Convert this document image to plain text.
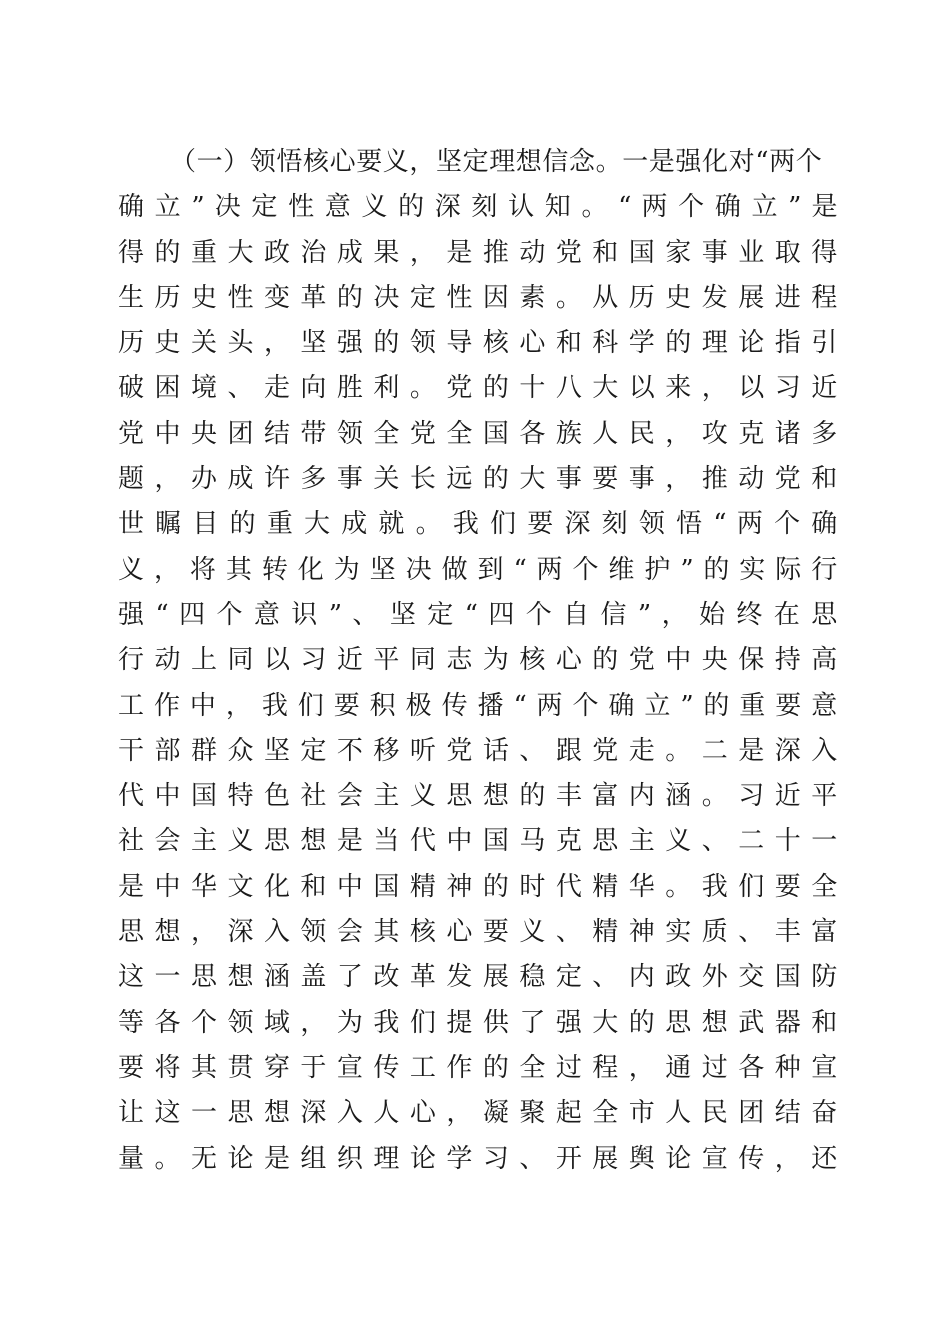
（一）领悟核心要义，坚定理想信念。一是强化对“两个
确 立 ” 决 定 性 意 义 的 深 刻 认 知 。 “ 两 个 确 立 ” 是
得 的 重 大 政 治 成 果 ， 是 推 动 党 和 国 家 事 业 取 得
生 历 史 性 变 革 的 决 定 性 因 素 。 从 历 史 发 展 进 程
历 史 关 头 ， 坚 强 的 领 导 核 心 和 科 学 的 理 论 指 引
破 困 境 、 走 向 胜 利 。 党 的 十 八 大 以 来 ， 以 习 近
党 中 央 团 结 带 领 全 党 全 国 各 族 人 民 ， 攻 克 诸 多
题 ， 办 成 许 多 事 关 长 远 的 大 事 要 事 ， 推 动 党 和
世 瞩 目 的 重 大 成 就 。 我 们 要 深 刻 领 悟 “ 两 个 确
义 ， 将 其 转 化 为 坚 决 做 到 “ 两 个 维 护 ” 的 实 际 行
强 “ 四 个 意 识 ” 、 坚 定 “ 四 个 自 信 ” ， 始 终 在 思
行 动 上 同 以 习 近 平 同 志 为 核 心 的 党 中 央 保 持 高
工 作 中 ， 我 们 要 积 极 传 播 “ 两 个 确 立 ” 的 重 要 意
干 部 群 众 坚 定 不 移 听 党 话 、 跟 党 走 。 二 是 深 入
代 中 国 特 色 社 会 主 义 思 想 的 丰 富 内 涵 。 习 近 平
社 会 主 义 思 想 是 当 代 中 国 马 克 思 主 义 、 二 十 一
是 中 华 文 化 和 中 国 精 神 的 时 代 精 华 。 我 们 要 全
思 想 ， 深 入 领 会 其 核 心 要 义 、 精 神 实 质 、 丰 富
这 一 思 想 涵 盖 了 改 革 发 展 稳 定 、 内 政 外 交 国 防
等 各 个 领 域 ， 为 我 们 提 供 了 强 大 的 思 想 武 器 和
要 将 其 贯 穿 于 宣 传 工 作 的 全 过 程 ， 通 过 各 种 宣
让 这 一 思 想 深 入 人 心 ， 凝 聚 起 全 市 人 民 团 结 奋
量 。 无 论 是 组 织 理 论 学 习 、 开 展 舆 论 宣 传 ， 还
